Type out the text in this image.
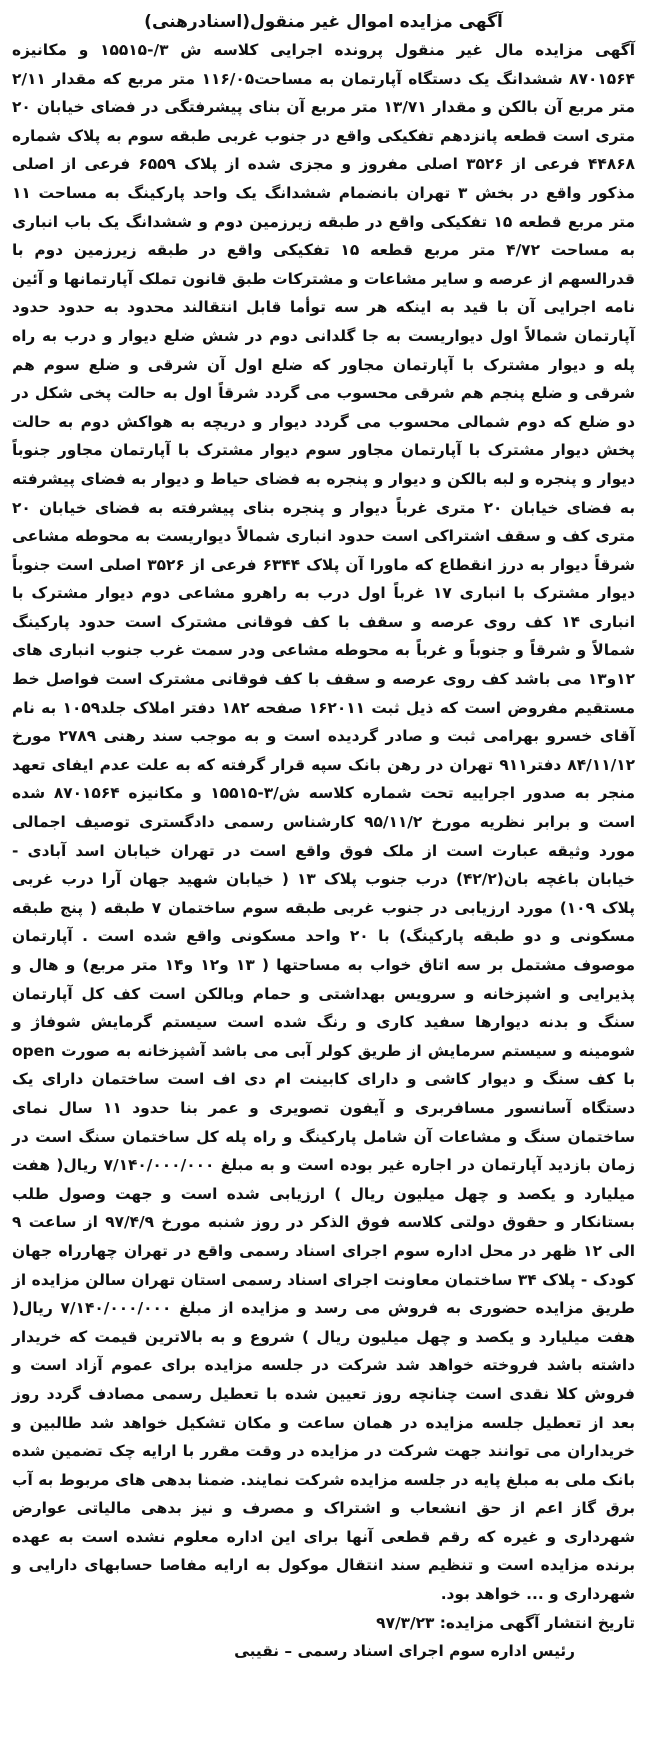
آگهی مزایده اموال غیر منقول(اسنادرهنی)

آگهی مزایده مال غیر منقول پرونده اجرایی کلاسه ش ۳/-۱۵۵۱۵ و مکانیزه ۸۷۰۱۵۶۴ ششدانگ یک دستگاه آپارتمان به مساحت۱۱۶/۰۵ متر مربع که مقدار ۲/۱۱ متر مربع آن بالکن و مقدار ۱۳/۷۱ متر مربع آن بنای پیشرفتگی در فضای خیابان ۲۰ متری است قطعه پانزدهم تفکیکی واقع در جنوب غربی طبقه سوم به پلاک شماره ۴۴۸۶۸ فرعی از ۳۵۲۶ اصلی مفروز و مجزی شده از پلاک ۶۵۵۹ فرعی از اصلی مذکور واقع در بخش ۳ تهران بانضمام ششدانگ یک واحد پارکینگ به مساحت ۱۱ متر مربع قطعه ۱۵ تفکیکی واقع در طبقه زیرزمین دوم و ششدانگ یک باب انباری به مساحت ۴/۷۲ متر مربع قطعه ۱۵ تفکیکی واقع در طبقه زیرزمین دوم با قدرالسهم از عرصه و سایر مشاعات و مشترکات طبق قانون تملک آپارتمانها و آئین نامه اجرایی آن با قید به اینکه هر سه توأما قابل انتقالند محدود به حدود حدود آپارتمان شمالاً اول دیواریست به جا گلدانی دوم در شش ضلع دیوار و درب به راه پله و دیوار مشترک با آپارتمان مجاور که ضلع اول آن شرقی و ضلع سوم هم شرقی و ضلع پنجم هم شرقی محسوب می گردد شرقاً اول به حالت پخی شکل در دو ضلع که دوم شمالی محسوب می گردد دیوار و دریچه به هواکش دوم به حالت پخش دیوار مشترک با آپارتمان مجاور سوم دیوار مشترک با آپارتمان مجاور جنوباً دیوار و پنجره و لبه بالکن و دیوار و پنجره به فضای حیاط و دیوار به فضای پیشرفته به فضای خیابان ۲۰ متری غرباً دیوار و پنجره بنای پیشرفته به فضای خیابان ۲۰ متری کف و سقف اشتراکی است حدود انباری شمالاً دیواریست به محوطه مشاعی شرقاً دیوار به درز انقطاع که ماورا آن پلاک ۶۳۴۴ فرعی از ۳۵۲۶ اصلی است جنوباً دیوار مشترک با انباری ۱۷ غرباً اول درب به راهرو مشاعی دوم دیوار مشترک با انباری ۱۴ کف روی عرصه و سقف با کف فوقانی مشترک است حدود پارکینگ شمالاً و شرقاً و جنوباً و غرباً به محوطه مشاعی ودر سمت غرب جنوب انباری های ۱۲و۱۳ می باشد کف روی عرصه و سقف با کف فوقانی مشترک است فواصل خط مستقیم مفروض است که ذیل ثبت ۱۶۲۰۱۱ صفحه ۱۸۲ دفتر املاک جلد۱۰۵۹ به نام آقای خسرو بهرامی ثبت و صادر گردیده است و به موجب سند رهنی ۲۷۸۹ مورخ ۸۴/۱۱/۱۲ دفتر۹۱۱ تهران در رهن بانک سپه قرار گرفته که به علت عدم ایفای تعهد منجر به صدور اجراییه تحت شماره کلاسه ش/۳-۱۵۵۱۵ و مکانیزه ۸۷۰۱۵۶۴ شده است و برابر نظریه مورخ ۹۵/۱۱/۲ کارشناس رسمی دادگستری توصیف اجمالی مورد وثیقه عبارت است از ملک فوق واقع است در تهران خیابان اسد آبادی - خیابان باغچه بان(۴۲/۲) درب جنوب پلاک ۱۳ ( خیابان شهید جهان آرا درب غربی پلاک ۱۰۹) مورد ارزیابی در جنوب غربی طبقه سوم ساختمان ۷ طبقه ( پنج طبقه مسکونی و دو طبقه پارکینگ) با ۲۰ واحد مسکونی واقع شده است . آپارتمان موصوف مشتمل بر سه اتاق خواب به مساحتها ( ۱۳ و۱۲ و۱۴ متر مربع) و هال و پذیرایی و اشپزخانه و سرویس بهداشتی و حمام وبالکن است کف کل آپارتمان سنگ و بدنه دیوارها سفید کاری و رنگ شده است سیستم گرمایش شوفاژ و شومینه و سیستم سرمایش از طریق کولر آبی می باشد آشپزخانه به صورت open با کف سنگ و دیوار کاشی و دارای کابینت ام دی اف است ساختمان دارای یک دستگاه آسانسور مسافربری و آیفون تصویری و عمر بنا حدود ۱۱ سال نمای ساختمان سنگ و مشاعات آن شامل پارکینگ و راه پله کل ساختمان سنگ است در زمان بازدید آپارتمان در اجاره غیر بوده است و به مبلغ ۷/۱۴۰/۰۰۰/۰۰۰ ریال( هفت میلیارد و یکصد و چهل میلیون ریال ) ارزیابی شده است و جهت وصول طلب بستانکار و حقوق دولتی کلاسه فوق الذکر در روز شنبه مورخ ۹۷/۴/۹ از ساعت ۹ الی ۱۲ ظهر در محل اداره سوم اجرای اسناد رسمی واقع در تهران چهارراه جهان کودک - پلاک ۳۴ ساختمان معاونت اجرای اسناد رسمی استان تهران سالن مزایده از طریق مزایده حضوری به فروش می رسد و مزایده از مبلغ ۷/۱۴۰/۰۰۰/۰۰۰ ریال( هفت میلیارد و یکصد و چهل میلیون ریال ) شروع و به بالاترین قیمت که خریدار داشته باشد فروخته خواهد شد شرکت در جلسه مزایده برای عموم آزاد است و فروش کلا نقدی است چنانچه روز تعیین شده با تعطیل رسمی مصادف گردد روز بعد از تعطیل جلسه مزایده در همان ساعت و مکان تشکیل خواهد شد طالبین و خریداران می توانند جهت شرکت در مزایده در وقت مقرر با ارایه چک تضمین شده بانک ملی به مبلغ پایه در جلسه مزایده شرکت نمایند. ضمنا بدهی های مربوط به آب برق گاز اعم از حق انشعاب و اشتراک و مصرف و نیز بدهی مالیاتی عوارض شهرداری و غیره که رقم قطعی آنها برای این اداره معلوم نشده است به عهده برنده مزایده است و تنظیم سند انتقال موکول به ارایه مفاصا حسابهای دارایی و شهرداری و ... خواهد بود.

تاریخ انتشار آگهی مزایده: ۹۷/۳/۲۳
رئیس اداره سوم اجرای اسناد رسمی – نقیبی
